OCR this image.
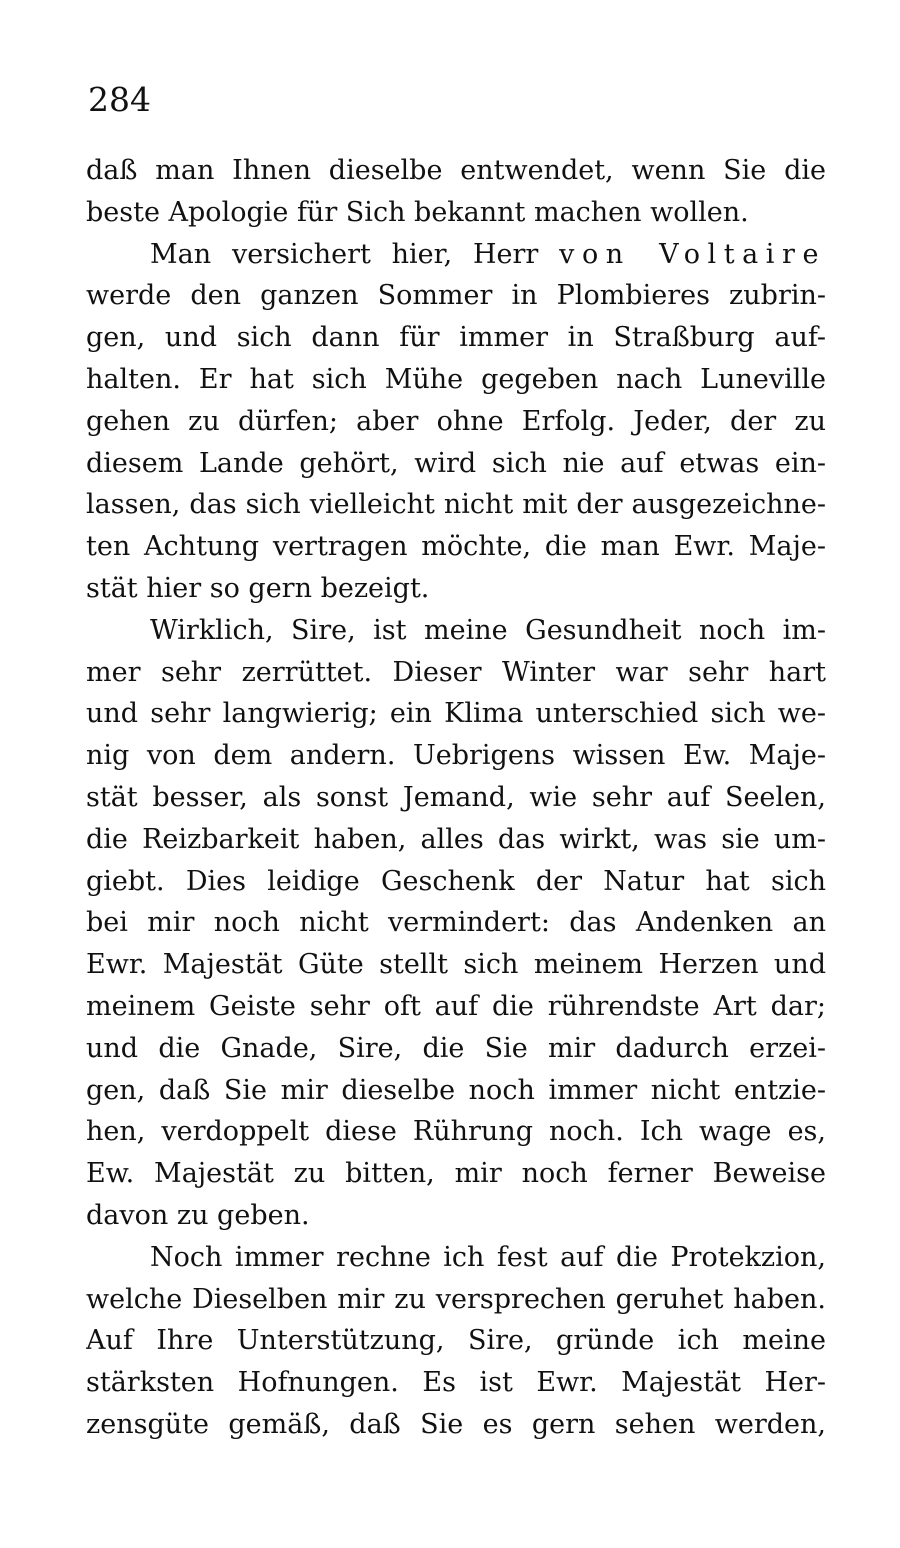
284
daß man Ihnen dieselbe entwendet, wenn Sie die
beste Apologie für Sich bekannt machen wollen.
Man versichert hier, Herr von Voltaire
werde den ganzen Sommer in Plombieres zubrin-
gen, und sich dann für immer in Straßburg auf-
halten. Er hat sich Mühe gegeben nach Luneville
gehen zu dürfen; aber ohne Erfolg. Jeder, der zu
diesem Lande gehört, wird sich nie auf etwas ein-
lassen, das sich vielleicht nicht mit der ausgezeichne-
ten Achtung vertragen möchte, die man Ewr. Maje-
stät hier so gern bezeigt.
Wirklich, Sire, ist meine Gesundheit noch im-
mer sehr zerrüttet. Dieser Winter war sehr hart
und sehr langwierig; ein Klima unterschied sich we-
nig von dem andern. Uebrigens wissen Ew. Maje-
stät besser, als sonst Jemand, wie sehr auf Seelen,
die Reizbarkeit haben, alles das wirkt, was sie um-
giebt. Dies leidige Geschenk der Natur hat sich
bei mir noch nicht vermindert: das Andenken an
Ewr. Majestät Güte stellt sich meinem Herzen und
meinem Geiste sehr oft auf die rührendste Art dar;
und die Gnade, Sire, die Sie mir dadurch erzei-
gen, daß Sie mir dieselbe noch immer nicht entzie-
hen, verdoppelt diese Rührung noch. Ich wage es,
Ew. Majestät zu bitten, mir noch ferner Beweise
davon zu geben.
Noch immer rechne ich fest auf die Protekzion,
welche Dieselben mir zu versprechen geruhet haben.
Auf Ihre Unterstützung, Sire, gründe ich meine
stärksten Hofnungen. Es ist Ewr. Majestät Her-
zensgüte gemäß, daß Sie es gern sehen werden,
